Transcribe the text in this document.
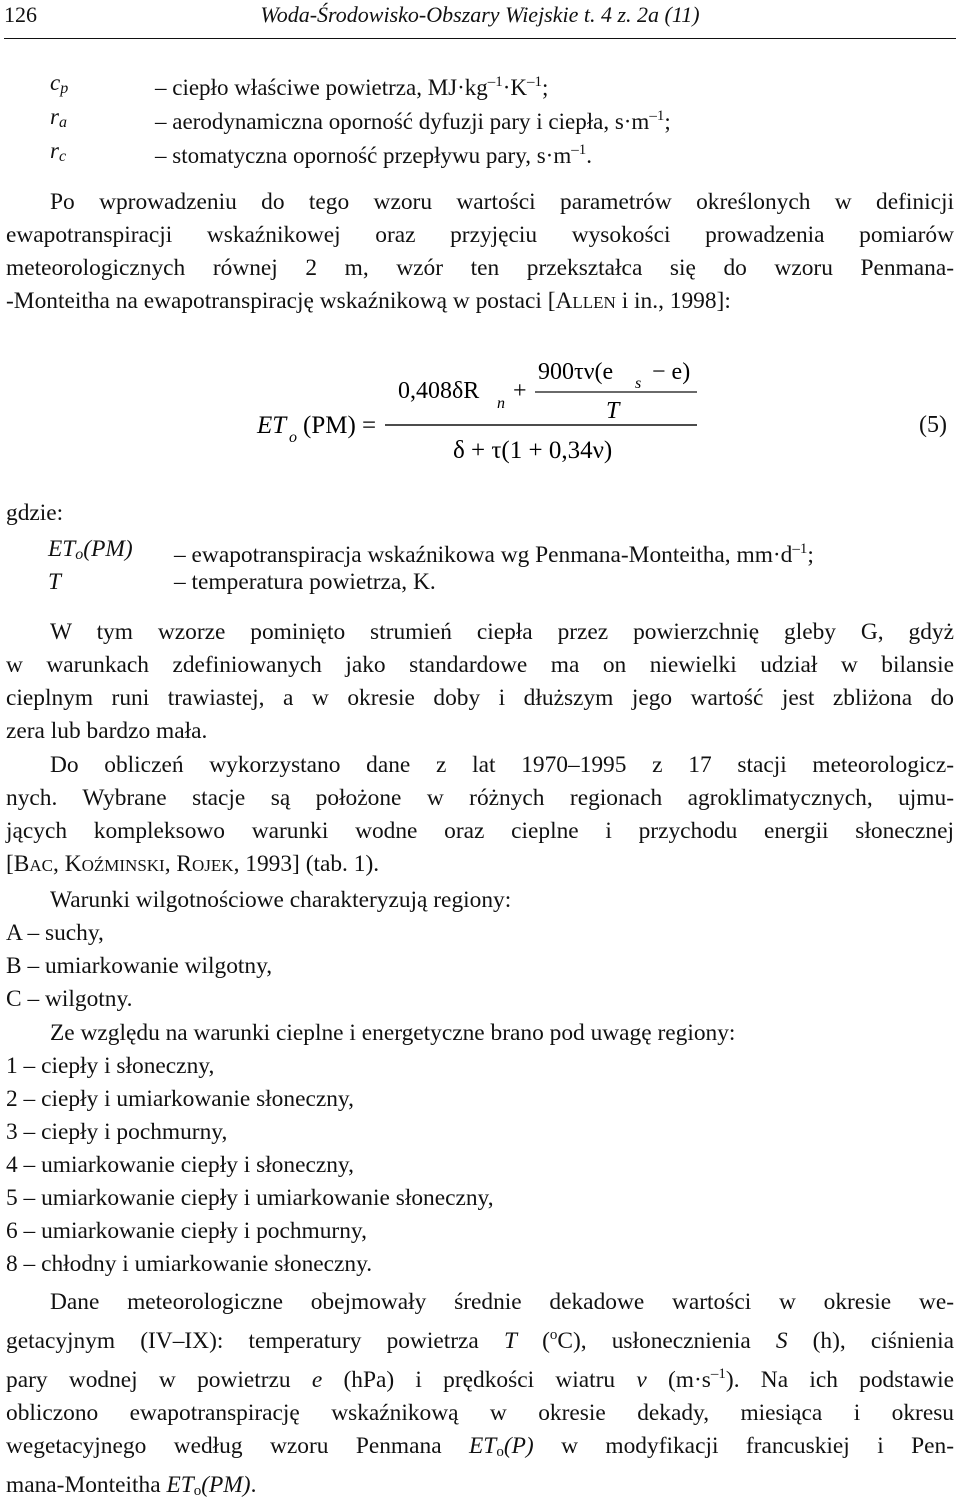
126	Woda-Środowisko-Obszary Wiejskie t. 4 z. 2a (11)
$c_p$	– ciepło właściwe powietrza, $MJ\cdot kg^{-1}\cdot K^{-1}$;
$r_a$	– aerodynamiczna oporność dyfuzji pary i ciepła, $s\cdot m^{-1}$;
$r_c$	– stomatyczna oporność przepływu pary, $s\cdot m^{-1}$.
Po wprowadzeniu do tego wzoru wartości parametrów określonych w definicji
ewapotranspiracji wskaźnikowej oraz przyjęciu wysokości prowadzenia pomiarów
meteorologicznych równej 2 m, wzór ten przekształca się do wzoru Penmana-
-Monteitha na ewapotranspirację wskaźnikową w postaci [ALLEN i in., 1998]:
ET o (PM) =
0,408δR n +
900τν(e s − e)
T
δ + τ(1 + 0,34ν)
(5)
gdzie:
$ET_o(PM)$ – ewapotranspiracja wskaźnikowa wg Penmana-Monteitha, $mm\cdot d^{-1}$;
T	– temperatura powietrza, K.
W tym wzorze pominięto strumień ciepła przez powierzchnię gleby G, gdyż
w warunkach zdefiniowanych jako standardowe ma on niewielki udział w bilansie
cieplnym runi trawiastej, a w okresie doby i dłuższym jego wartość jest zbliżona do
zera lub bardzo mała.
Do obliczeń wykorzystano dane z lat 1970–1995 z 17 stacji meteorologicz-
nych. Wybrane stacje są położone w różnych regionach agroklimatycznych, ujmu-
jących kompleksowo warunki wodne oraz cieplne i przychodu energii słonecznej
[BAC, KOŹMINSKI, ROJEK, 1993] (tab. 1).
Warunki wilgotnościowe charakteryzują regiony:
A – suchy,
B – umiarkowanie wilgotny,
C – wilgotny.
Ze względu na warunki cieplne i energetyczne brano pod uwagę regiony:
1 – ciepły i słoneczny,
2 – ciepły i umiarkowanie słoneczny,
3 – ciepły i pochmurny,
4 – umiarkowanie ciepły i słoneczny,
5 – umiarkowanie ciepły i umiarkowanie słoneczny,
6 – umiarkowanie ciepły i pochmurny,
8 – chłodny i umiarkowanie słoneczny.
Dane meteorologiczne obejmowały średnie dekadowe wartości w okresie we-
getacyjnym (IV–IX): temperatury powietrza T ($^o$C), usłonecznienia S (h), ciśnienia
pary wodnej w powietrzu e (hPa) i prędkości wiatru v $(m\cdot s^{-1})$. Na ich podstawie
obliczono ewapotranspirację wskaźnikową w okresie dekady, miesiąca i okresu
wegetacyjnego według wzoru Penmana $ET_o(P)$ w modyfikacji francuskiej i Pen-
mana-Monteitha $ET_o(PM)$.
